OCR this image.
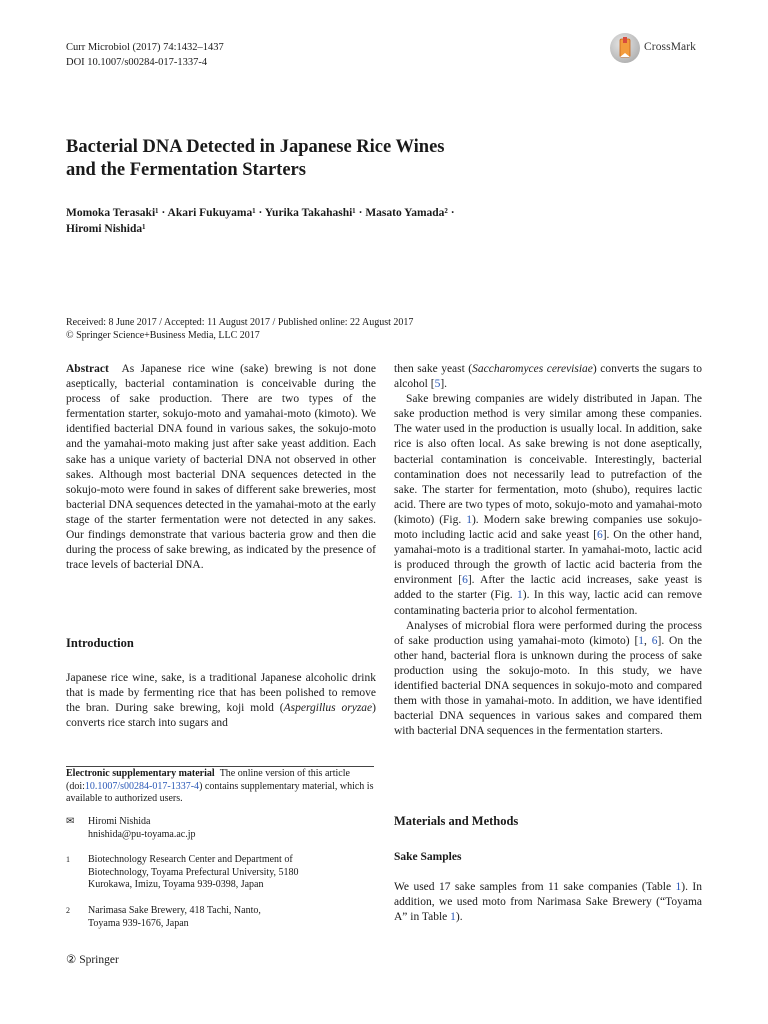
Curr Microbiol (2017) 74:1432–1437
DOI 10.1007/s00284-017-1337-4
CrossMark
Bacterial DNA Detected in Japanese Rice Wines
and the Fermentation Starters
Momoka Terasaki¹ · Akari Fukuyama¹ · Yurika Takahashi¹ · Masato Yamada² ·
Hiromi Nishida¹
Received: 8 June 2017 / Accepted: 11 August 2017 / Published online: 22 August 2017
© Springer Science+Business Media, LLC 2017

Abstract As Japanese rice wine (sake) brewing is not done aseptically, bacterial contamination is conceivable during the process of sake production. There are two types of the fermentation starter, sokujo-moto and yamahai-moto (kimoto). We identified bacterial DNA found in various sakes, the sokujo-moto and the yamahai-moto making just after sake yeast addition. Each sake has a unique variety of bacterial DNA not observed in other sakes. Although most bacterial DNA sequences detected in the sokujo-moto were found in sakes of different sake breweries, most bacterial DNA sequences detected in the yamahai-moto at the early stage of the starter fermentation were not detected in any sakes. Our findings demonstrate that various bacteria grow and then die during the process of sake brewing, as indicated by the presence of trace levels of bacterial DNA.

Introduction

Japanese rice wine, sake, is a traditional Japanese alcoholic drink that is made by fermenting rice that has been polished to remove the bran. During sake brewing, koji mold (Aspergillus oryzae) converts rice starch into sugars and

Electronic supplementary material The online version of this article (doi:10.1007/s00284-017-1337-4) contains supplementary material, which is available to authorized users.
✉	Hiromi Nishida
hnishida@pu-toyama.ac.jp
1	Biotechnology Research Center and Department of
Biotechnology, Toyama Prefectural University, 5180
Kurokawa, Imizu, Toyama 939-0398, Japan
2	Narimasa Sake Brewery, 418 Tachi, Nanto,
Toyama 939-1676, Japan
② Springer

then sake yeast (Saccharomyces cerevisiae) converts the sugars to alcohol [5].

Sake brewing companies are widely distributed in Japan. The sake production method is very similar among these companies. The water used in the production is usually local. In addition, sake rice is also often local. As sake brewing is not done aseptically, bacterial contamination is conceivable. Interestingly, bacterial contamination does not necessarily lead to putrefaction of the sake. The starter for fermentation, moto (shubo), requires lactic acid. There are two types of moto, sokujo-moto and yamahai-moto (kimoto) (Fig. 1). Modern sake brewing companies use sokujo-moto including lactic acid and sake yeast [6]. On the other hand, yamahai-moto is a traditional starter. In yamahai-moto, lactic acid is produced through the growth of lactic acid bacteria from the environment [6]. After the lactic acid increases, sake yeast is added to the starter (Fig. 1). In this way, lactic acid can remove contaminating bacteria prior to alcohol fermentation.

Analyses of microbial flora were performed during the process of sake production using yamahai-moto (kimoto) [1, 6]. On the other hand, bacterial flora is unknown during the process of sake production using the sokujo-moto. In this study, we have identified bacterial DNA sequences in sokujo-moto and compared them with those in yamahai-moto. In addition, we have identified bacterial DNA sequences in various sakes and compared them with bacterial DNA sequences in the fermentation starters.

Materials and Methods
Sake Samples

We used 17 sake samples from 11 sake companies (Table 1). In addition, we used moto from Narimasa Sake Brewery (“Toyama A” in Table 1).
